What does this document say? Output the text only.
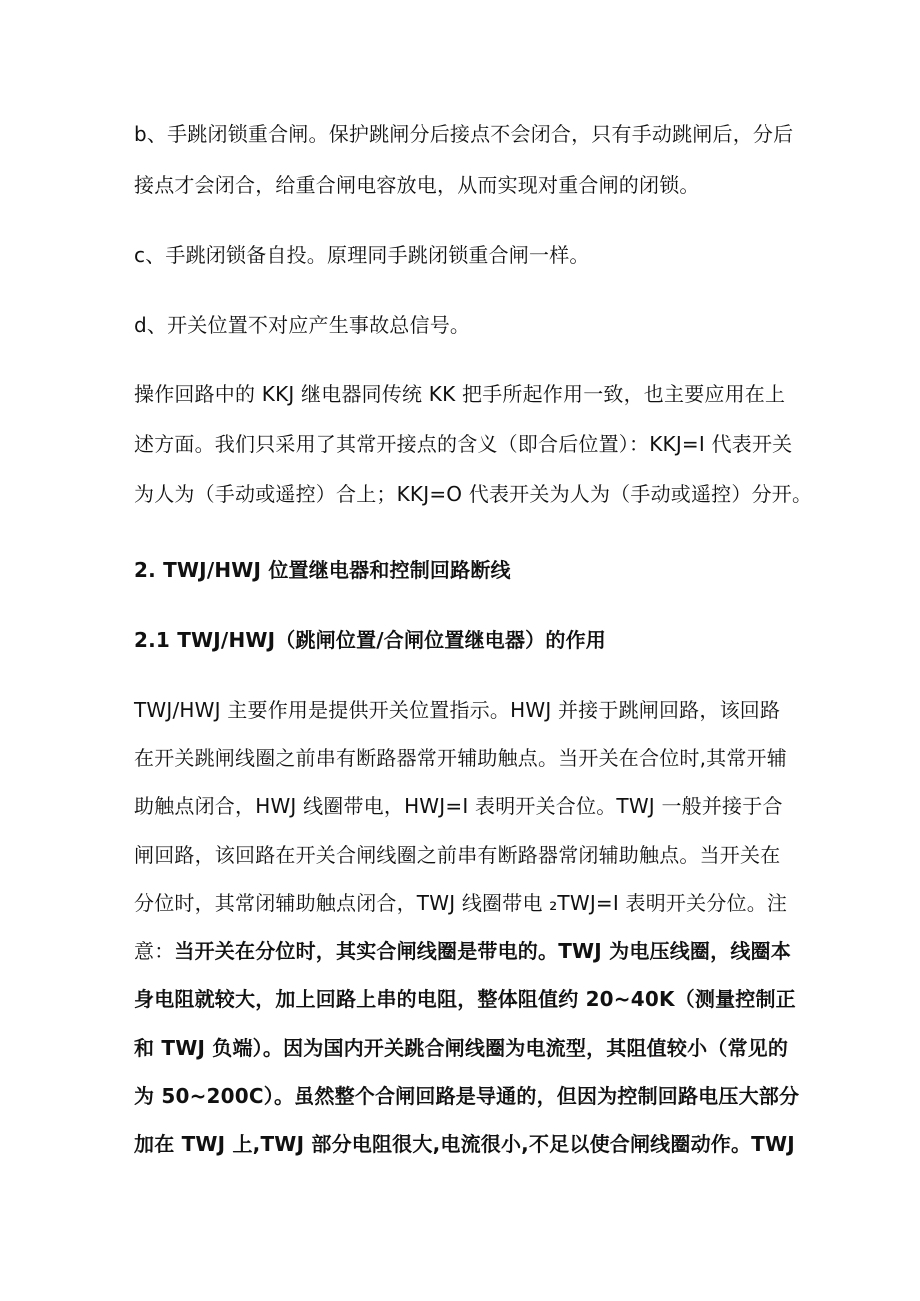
b、手跳闭锁重合闸。保护跳闸分后接点不会闭合，只有手动跳闸后，分后
接点才会闭合，给重合闸电容放电，从而实现对重合闸的闭锁。
c、手跳闭锁备自投。原理同手跳闭锁重合闸一样。
d、开关位置不对应产生事故总信号。
操作回路中的 KKJ 继电器同传统 KK 把手所起作用一致，也主要应用在上
述方面。我们只采用了其常开接点的含义（即合后位置）：KKJ=I 代表开关
为人为（手动或遥控）合上；KKJ=O 代表开关为人为（手动或遥控）分开。
2. TWJ/HWJ 位置继电器和控制回路断线
2.1 TWJ/HWJ（跳闸位置/合闸位置继电器）的作用
TWJ/HWJ 主要作用是提供开关位置指示。HWJ 并接于跳闸回路，该回路
在开关跳闸线圈之前串有断路器常开辅助触点。当开关在合位时,其常开辅
助触点闭合，HWJ 线圈带电，HWJ=I 表明开关合位。TWJ 一般并接于合
闸回路，该回路在开关合闸线圈之前串有断路器常闭辅助触点。当开关在
分位时，其常闭辅助触点闭合，TWJ 线圈带电 ₂TWJ=I 表明开关分位。注
意：当开关在分位时，其实合闸线圈是带电的。TWJ 为电压线圈，线圈本
身电阻就较大，加上回路上串的电阻，整体阻值约 20~40K（测量控制正
和 TWJ 负端）。因为国内开关跳合闸线圈为电流型，其阻值较小（常见的
为 50~200C）。虽然整个合闸回路是导通的，但因为控制回路电压大部分
加在 TWJ 上,TWJ 部分电阻很大,电流很小,不足以使合闸线圈动作。TWJ
